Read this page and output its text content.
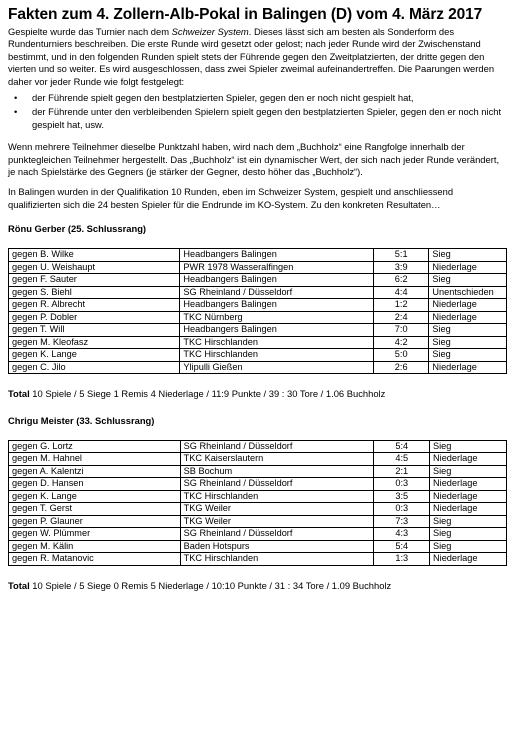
Fakten zum 4. Zollern-Alb-Pokal in Balingen (D) vom 4. März 2017

Gespielte wurde das Turnier nach dem Schweizer System. Dieses lässt sich am besten als Sonderform des Rundenturniers beschreiben. Die erste Runde wird gesetzt oder gelost; nach jeder Runde wird der Zwischenstand bestimmt, und in den folgenden Runden spielt stets der Führende gegen den Zweitplatzierten, der dritte gegen den vierten und so weiter. Es wird ausgeschlossen, dass zwei Spieler zweimal aufeinandertreffen. Die Paarungen werden daher vor jeder Runde wie folgt festgelegt:

• der Führende spielt gegen den bestplatzierten Spieler, gegen den er noch nicht gespielt hat,
• der Führende unter den verbleibenden Spielern spielt gegen den bestplatzierten Spieler, gegen den er noch nicht gespielt hat, usw.

Wenn mehrere Teilnehmer dieselbe Punktzahl haben, wird nach dem „Buchholz“ eine Rangfolge innerhalb der punktegleichen Teilnehmer hergestellt. Das „Buchholz“ ist ein dynamischer Wert, der sich nach jeder Runde verändert, je nach Spielstärke des Gegners (je stärker der Gegner, desto höher das „Buchholz“).

In Balingen wurden in der Qualifikation 10 Runden, eben im Schweizer System, gespielt und anschliessend qualifizierten sich die 24 besten Spieler für die Endrunde im KO-System. Zu den konkreten Resultaten…

Rönu Gerber (25. Schlussrang)
gegen B. Wilke	Headbangers Balingen	5:1	Sieg
gegen U. Weishaupt	PWR 1978 Wasseralfingen	3:9	Niederlage
gegen F. Sauter	Headbangers Balingen	6:2	Sieg
gegen S. Biehl	SG Rheinland / Düsseldorf	4:4	Unentschieden
gegen R. Albrecht	Headbangers Balingen	1:2	Niederlage
gegen P. Dobler	TKC Nürnberg	2:4	Niederlage
gegen T. Will	Headbangers Balingen	7:0	Sieg
gegen M. Kleofasz	TKC Hirschlanden	4:2	Sieg
gegen K. Lange	TKC Hirschlanden	5:0	Sieg
gegen C. Jilo	Ylipulli Gießen	2:6	Niederlage

Total 10 Spiele / 5 Siege 1 Remis 4 Niederlage / 11:9 Punkte / 39 : 30 Tore / 1.06 Buchholz

Chrigu Meister (33. Schlussrang)
gegen G. Lortz	SG Rheinland / Düsseldorf	5:4	Sieg
gegen M. Hahnel	TKC Kaiserslautern	4:5	Niederlage
gegen A. Kalentzi	SB Bochum	2:1	Sieg
gegen D. Hansen	SG Rheinland / Düsseldorf	0:3	Niederlage
gegen K. Lange	TKC Hirschlanden	3:5	Niederlage
gegen T. Gerst	TKG Weiler	0:3	Niederlage
gegen P. Glauner	TKG Weiler	7:3	Sieg
gegen W. Plümmer	SG Rheinland / Düsseldorf	4:3	Sieg
gegen M. Kälin	Baden Hotspurs	5:4	Sieg
gegen R. Matanovic	TKC Hirschlanden	1:3	Niederlage

Total 10 Spiele / 5 Siege 0 Remis 5 Niederlage / 10:10 Punkte / 31 : 34 Tore / 1.09 Buchholz
